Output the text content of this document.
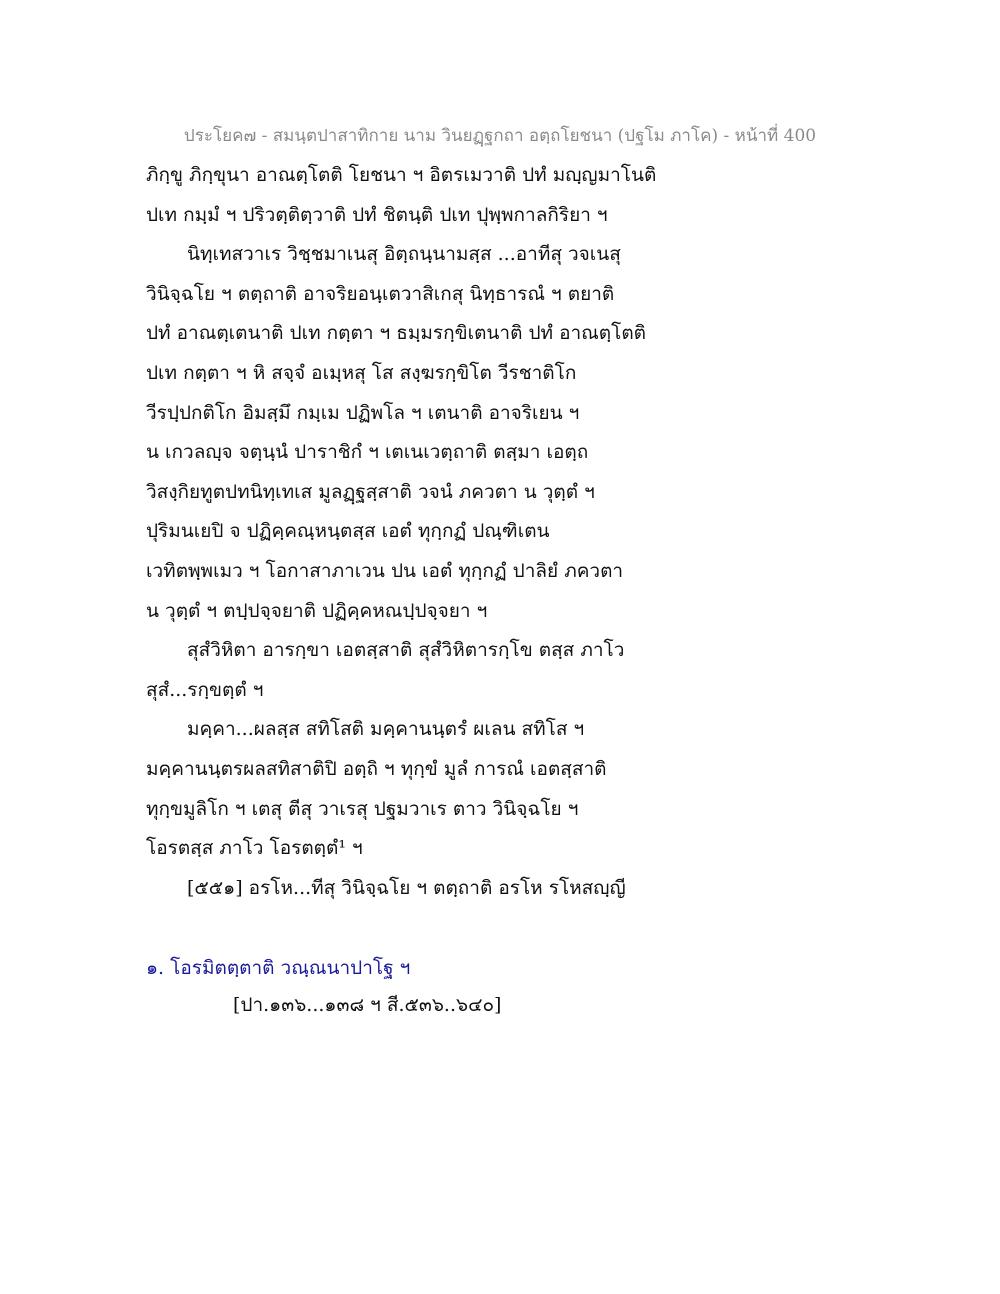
ประโยค๗ - สมนฺตปาสาทิกาย นาม วินยฏฺฐกถา อตฺถโยชนา (ปฐโม ภาโค) - หน้าที่ 400
ภิกฺขู ภิกฺขุนา อาณตฺโตติ โยชนา ฯ อิตรเมวาติ ปทํ มญฺญมาโนติ
ปเท กมฺมํ ฯ ปริวตฺติตฺวาติ ปทํ ชิตนฺติ ปเท ปุพฺพกาลกิริยา ฯ
นิทฺเทสวาเร วิชฺชมาเนสุ อิตฺถนฺนามสฺส ...อาทีสุ วจเนสุ
วินิจฺฉโย ฯ ตตฺถาติ อาจริยอนฺเตวาสิเกสุ นิทฺธารณํ ฯ ตยาติ
ปทํ อาณตฺเตนาติ ปเท กตฺตา ฯ ธมฺมรกฺขิเตนาติ ปทํ อาณตฺโตติ
ปเท กตฺตา ฯ หิ สจฺจํ อเมฺหสุ โส สงฺฆรกฺขิโต วีรชาติโก
วีรปฺปกติโก อิมสฺมึ กมฺเม ปฏิพโล ฯ เตนาติ อาจริเยน ฯ
น เกวลญฺจ จตฺนฺนํ ปาราชิกํ ฯ เตเนเวตฺถาติ ตสฺมา เอตฺถ
วิสงฺกิยทูตปทนิทฺเทเส มูลฏฺฐสฺสาติ วจนํ ภควตา น วุตฺตํ ฯ
ปุริมนเยปิ จ ปฏิคฺคณฺหนฺตสฺส เอตํ ทุกฺกฏํ ปณฺฑิเตน
เวทิตพฺพเมว ฯ โอกาสาภาเวน ปน เอตํ ทุกฺกฏํ ปาลิยํ ภควตา
น วุตฺตํ ฯ ตปฺปจฺจยาติ ปฏิคฺคหณปฺปจฺจยา ฯ
สุสํวิหิตา อารกฺขา เอตสฺสาติ สุสํวิหิตารกฺโข ตสฺส ภาโว
สุสํ...รกฺขตฺตํ ฯ
มคฺคา...ผลสฺส สทิโสติ มคฺคานนฺตรํ ผเลน สทิโส ฯ
มคฺคานนฺตรผลสทิสาติปิ อตฺถิ ฯ ทุกฺขํ มูลํ การณํ เอตสฺสาติ
ทุกฺขมูลิโก ฯ เตสุ ตีสุ วาเรสุ ปฐมวาเร ตาว วินิจฺฉโย ฯ
โอรตสฺส ภาโว โอรตตฺตํ¹ ฯ
[๕๕๑] อรโห...ทีสุ วินิจฺฉโย ฯ ตตฺถาติ อรโห รโหสญฺญี
๑. โอรมิตตฺตาติ วณฺณนาปาโฐ ฯ
[ปา.๑๓๖...๑๓๘ ฯ สี.๕๓๖..๖๔๐]
